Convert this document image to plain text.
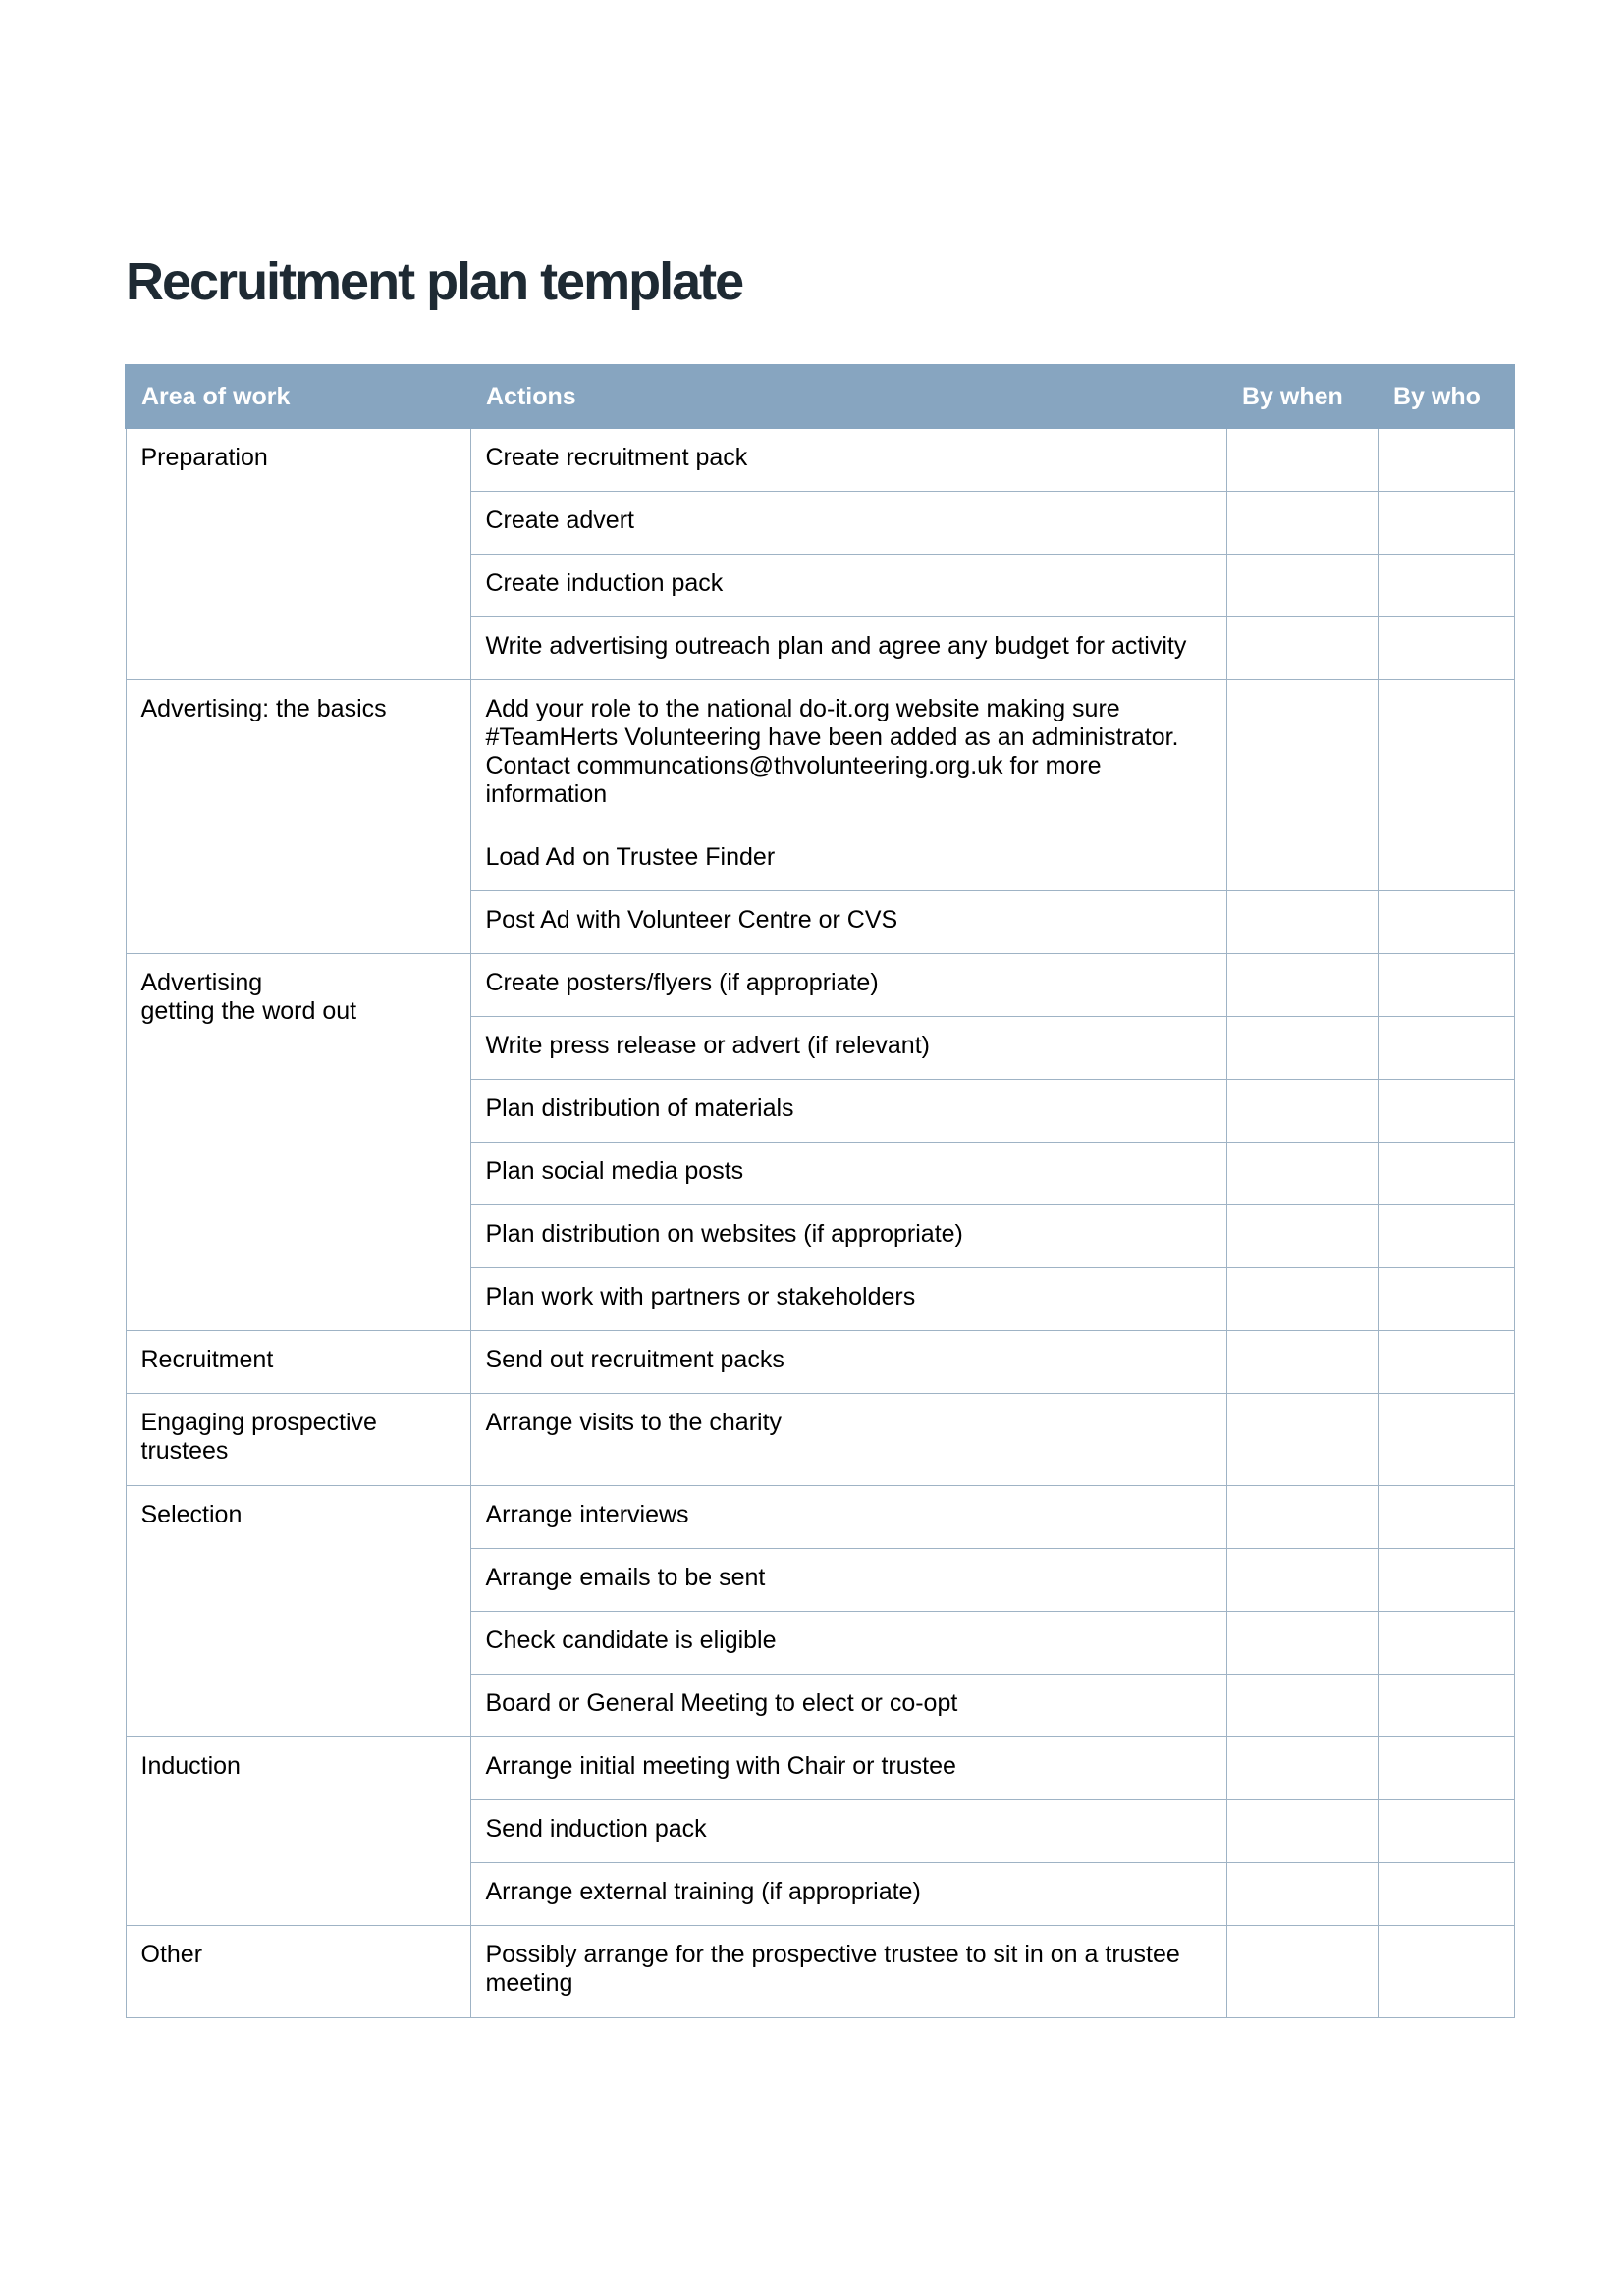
Recruitment plan template
Area of work	Actions	By when	By who

Preparation	Create recruitment pack		
	Create advert		
	Create induction pack		
	Write advertising outreach plan and agree any budget for activity		

Advertising: the basics	Add your role to the national do-it.org website making sure #TeamHerts Volunteering have been added as an administrator. Contact communcations@thvolunteering.org.uk for more information		
	Load Ad on Trustee Finder		
	Post Ad with Volunteer Centre or CVS		

Advertising
getting the word out	Create posters/flyers (if appropriate)		
	Write press release or advert (if relevant)		
	Plan distribution of materials		
	Plan social media posts		
	Plan distribution on websites (if appropriate)		
	Plan work with partners or stakeholders		

Recruitment	Send out recruitment packs		

Engaging prospective trustees	Arrange visits to the charity		

Selection	Arrange interviews		
	Arrange emails to be sent		
	Check candidate is eligible		
	Board or General Meeting to elect or co-opt		

Induction	Arrange initial meeting with Chair or trustee		
	Send induction pack		
	Arrange external training (if appropriate)		

Other	Possibly arrange for the prospective trustee to sit in on a trustee meeting		
